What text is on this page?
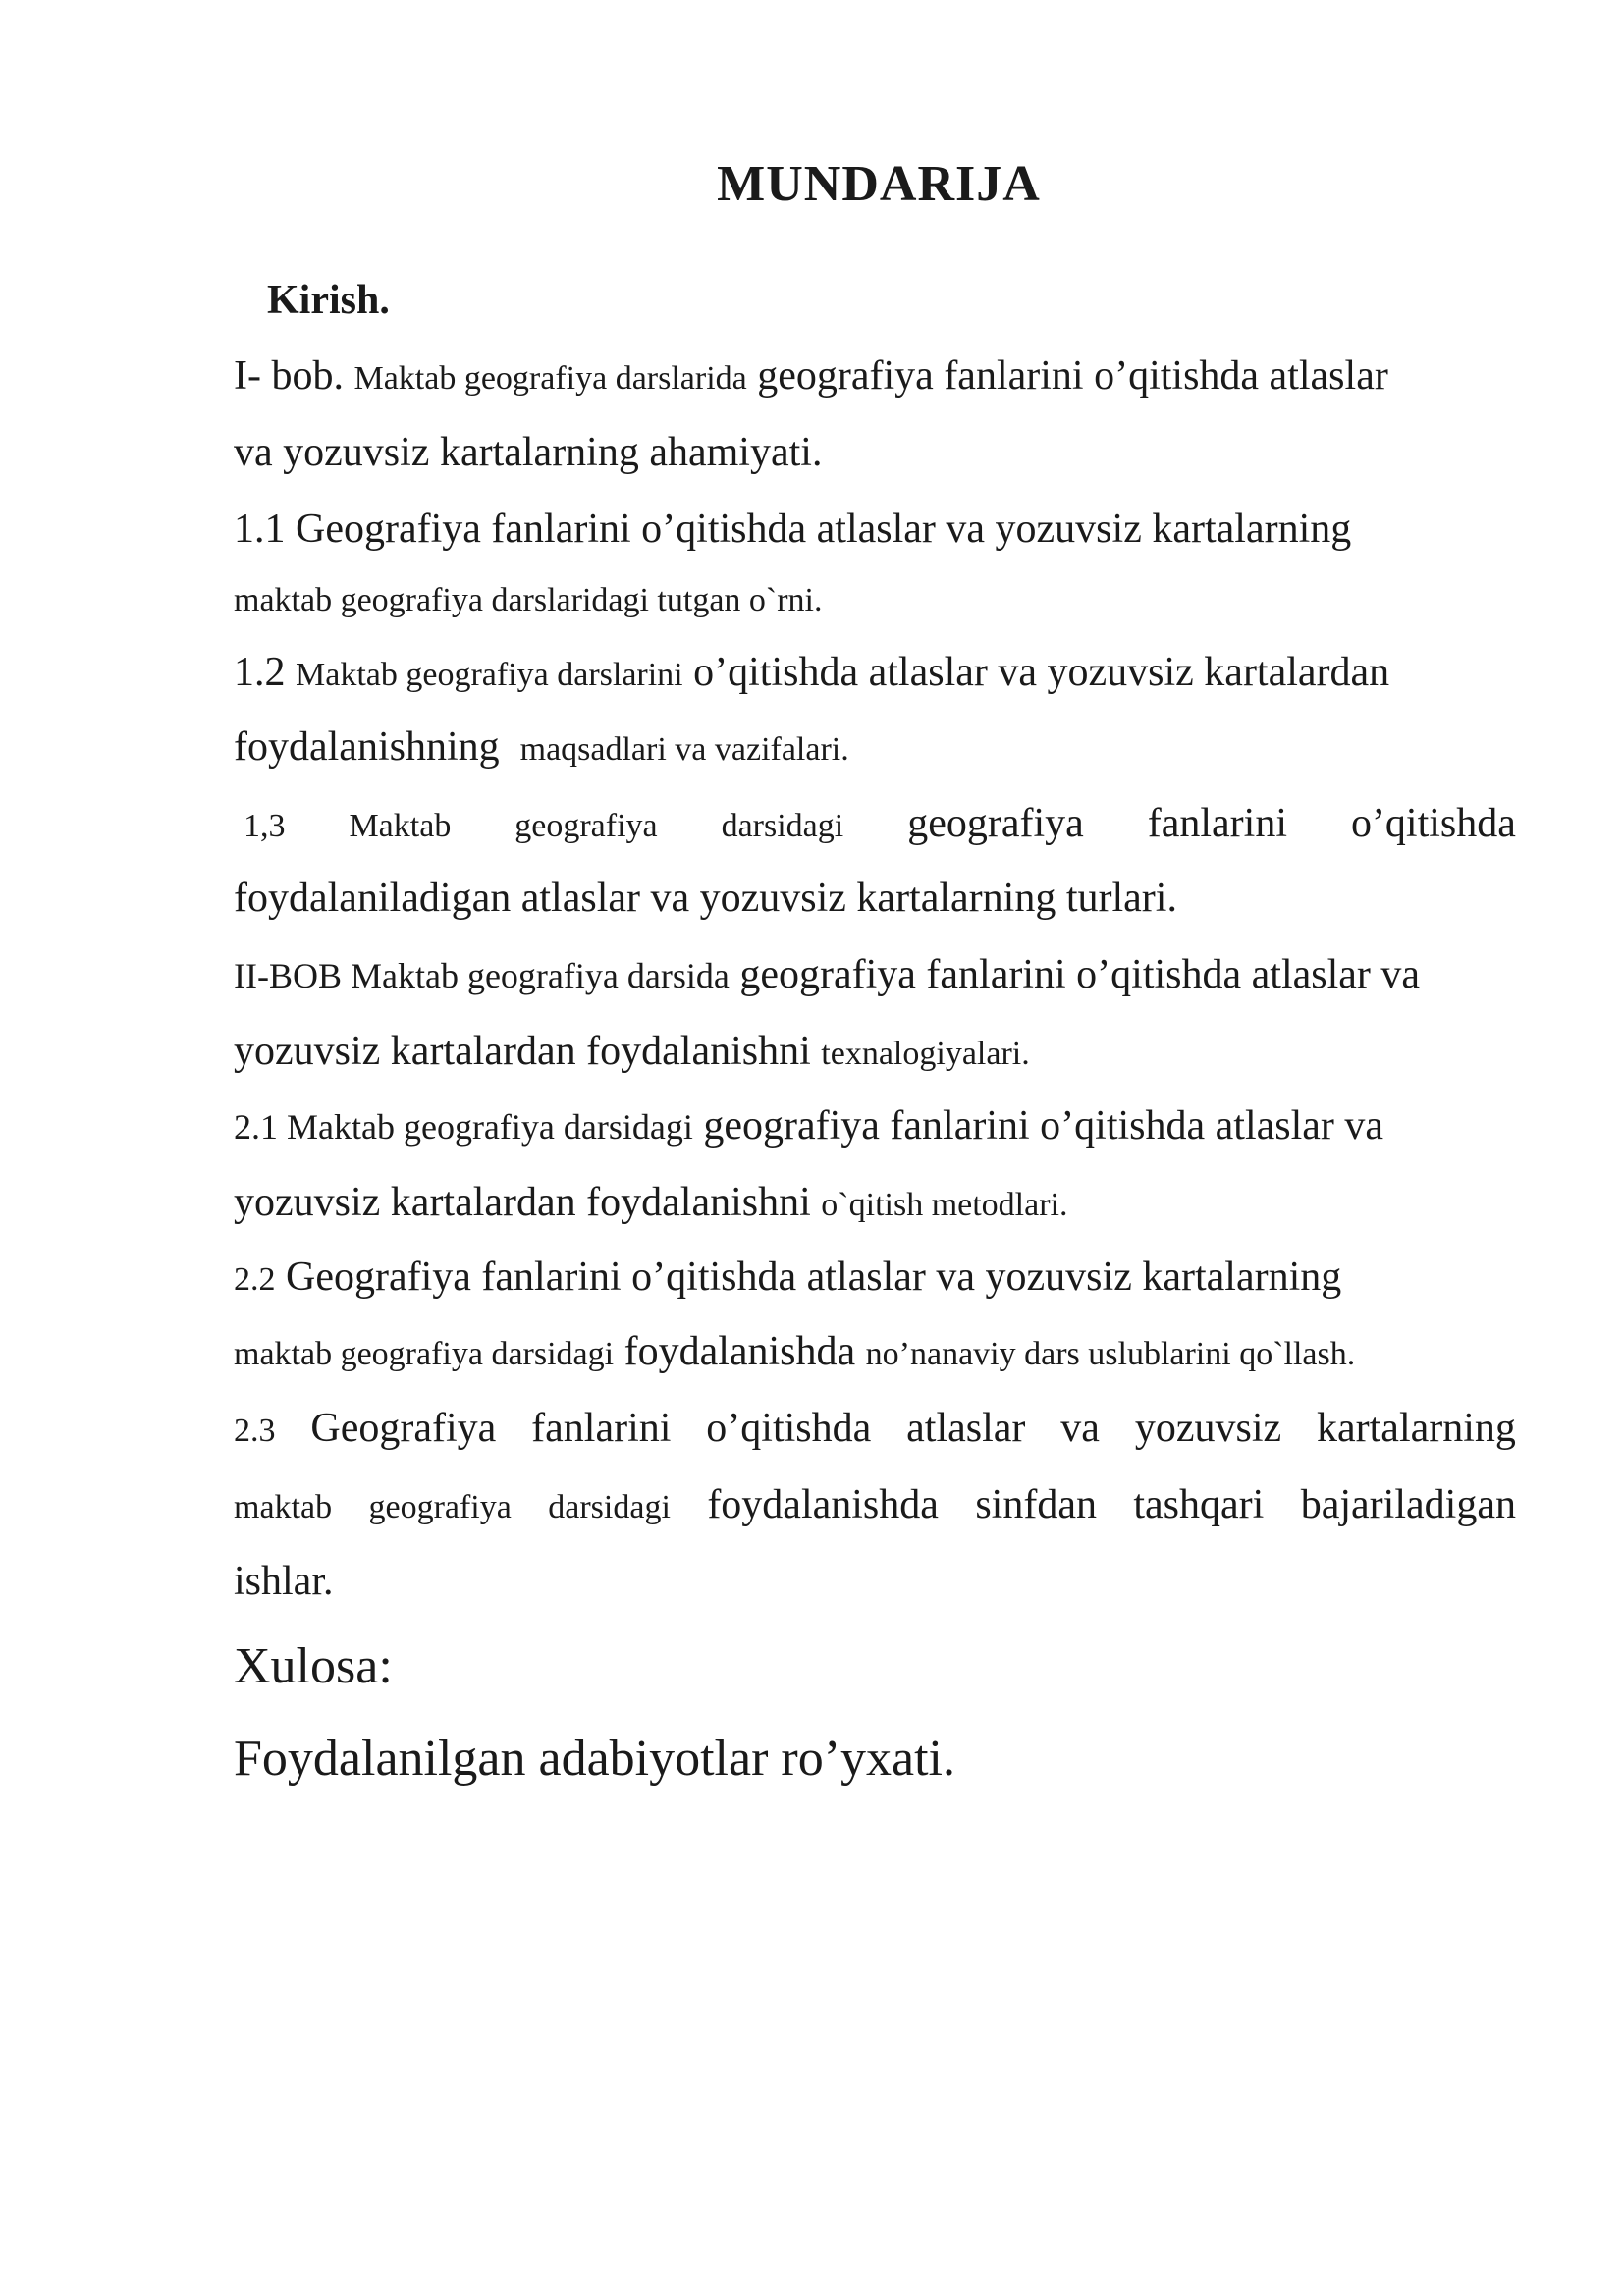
MUNDARIJA
Kirish.
I- bob. Maktab geografiya darslarida geografiya fanlarini o’qitishda atlaslar
va yozuvsiz kartalarning ahamiyati.
1.1 Geografiya fanlarini o’qitishda atlaslar va yozuvsiz kartalarning
maktab geografiya darslaridagi tutgan o`rni.
1.2 Maktab geografiya darslarini o’qitishda atlaslar va yozuvsiz kartalardan
foydalanishning maqsadlari va vazifalari.
1,3 Maktab geografiya darsidagi geografiya fanlarini o’qitishda
foydalaniladigan atlaslar va yozuvsiz kartalarning turlari.
II-BOB Maktab geografiya darsida geografiya fanlarini o’qitishda atlaslar va
yozuvsiz kartalardan foydalanishni texnalogiyalari.
2.1 Maktab geografiya darsidagi geografiya fanlarini o’qitishda atlaslar va
yozuvsiz kartalardan foydalanishni o`qitish metodlari.
2.2 Geografiya fanlarini o’qitishda atlaslar va yozuvsiz kartalarning
maktab geografiya darsidagi foydalanishda no’nanaviy dars uslublarini qo`llash.
2.3 Geografiya fanlarini o’qitishda atlaslar va yozuvsiz kartalarning
maktab geografiya darsidagi foydalanishda sinfdan tashqari bajariladigan
ishlar.
Xulosa:
Foydalanilgan adabiyotlar ro’yxati.
